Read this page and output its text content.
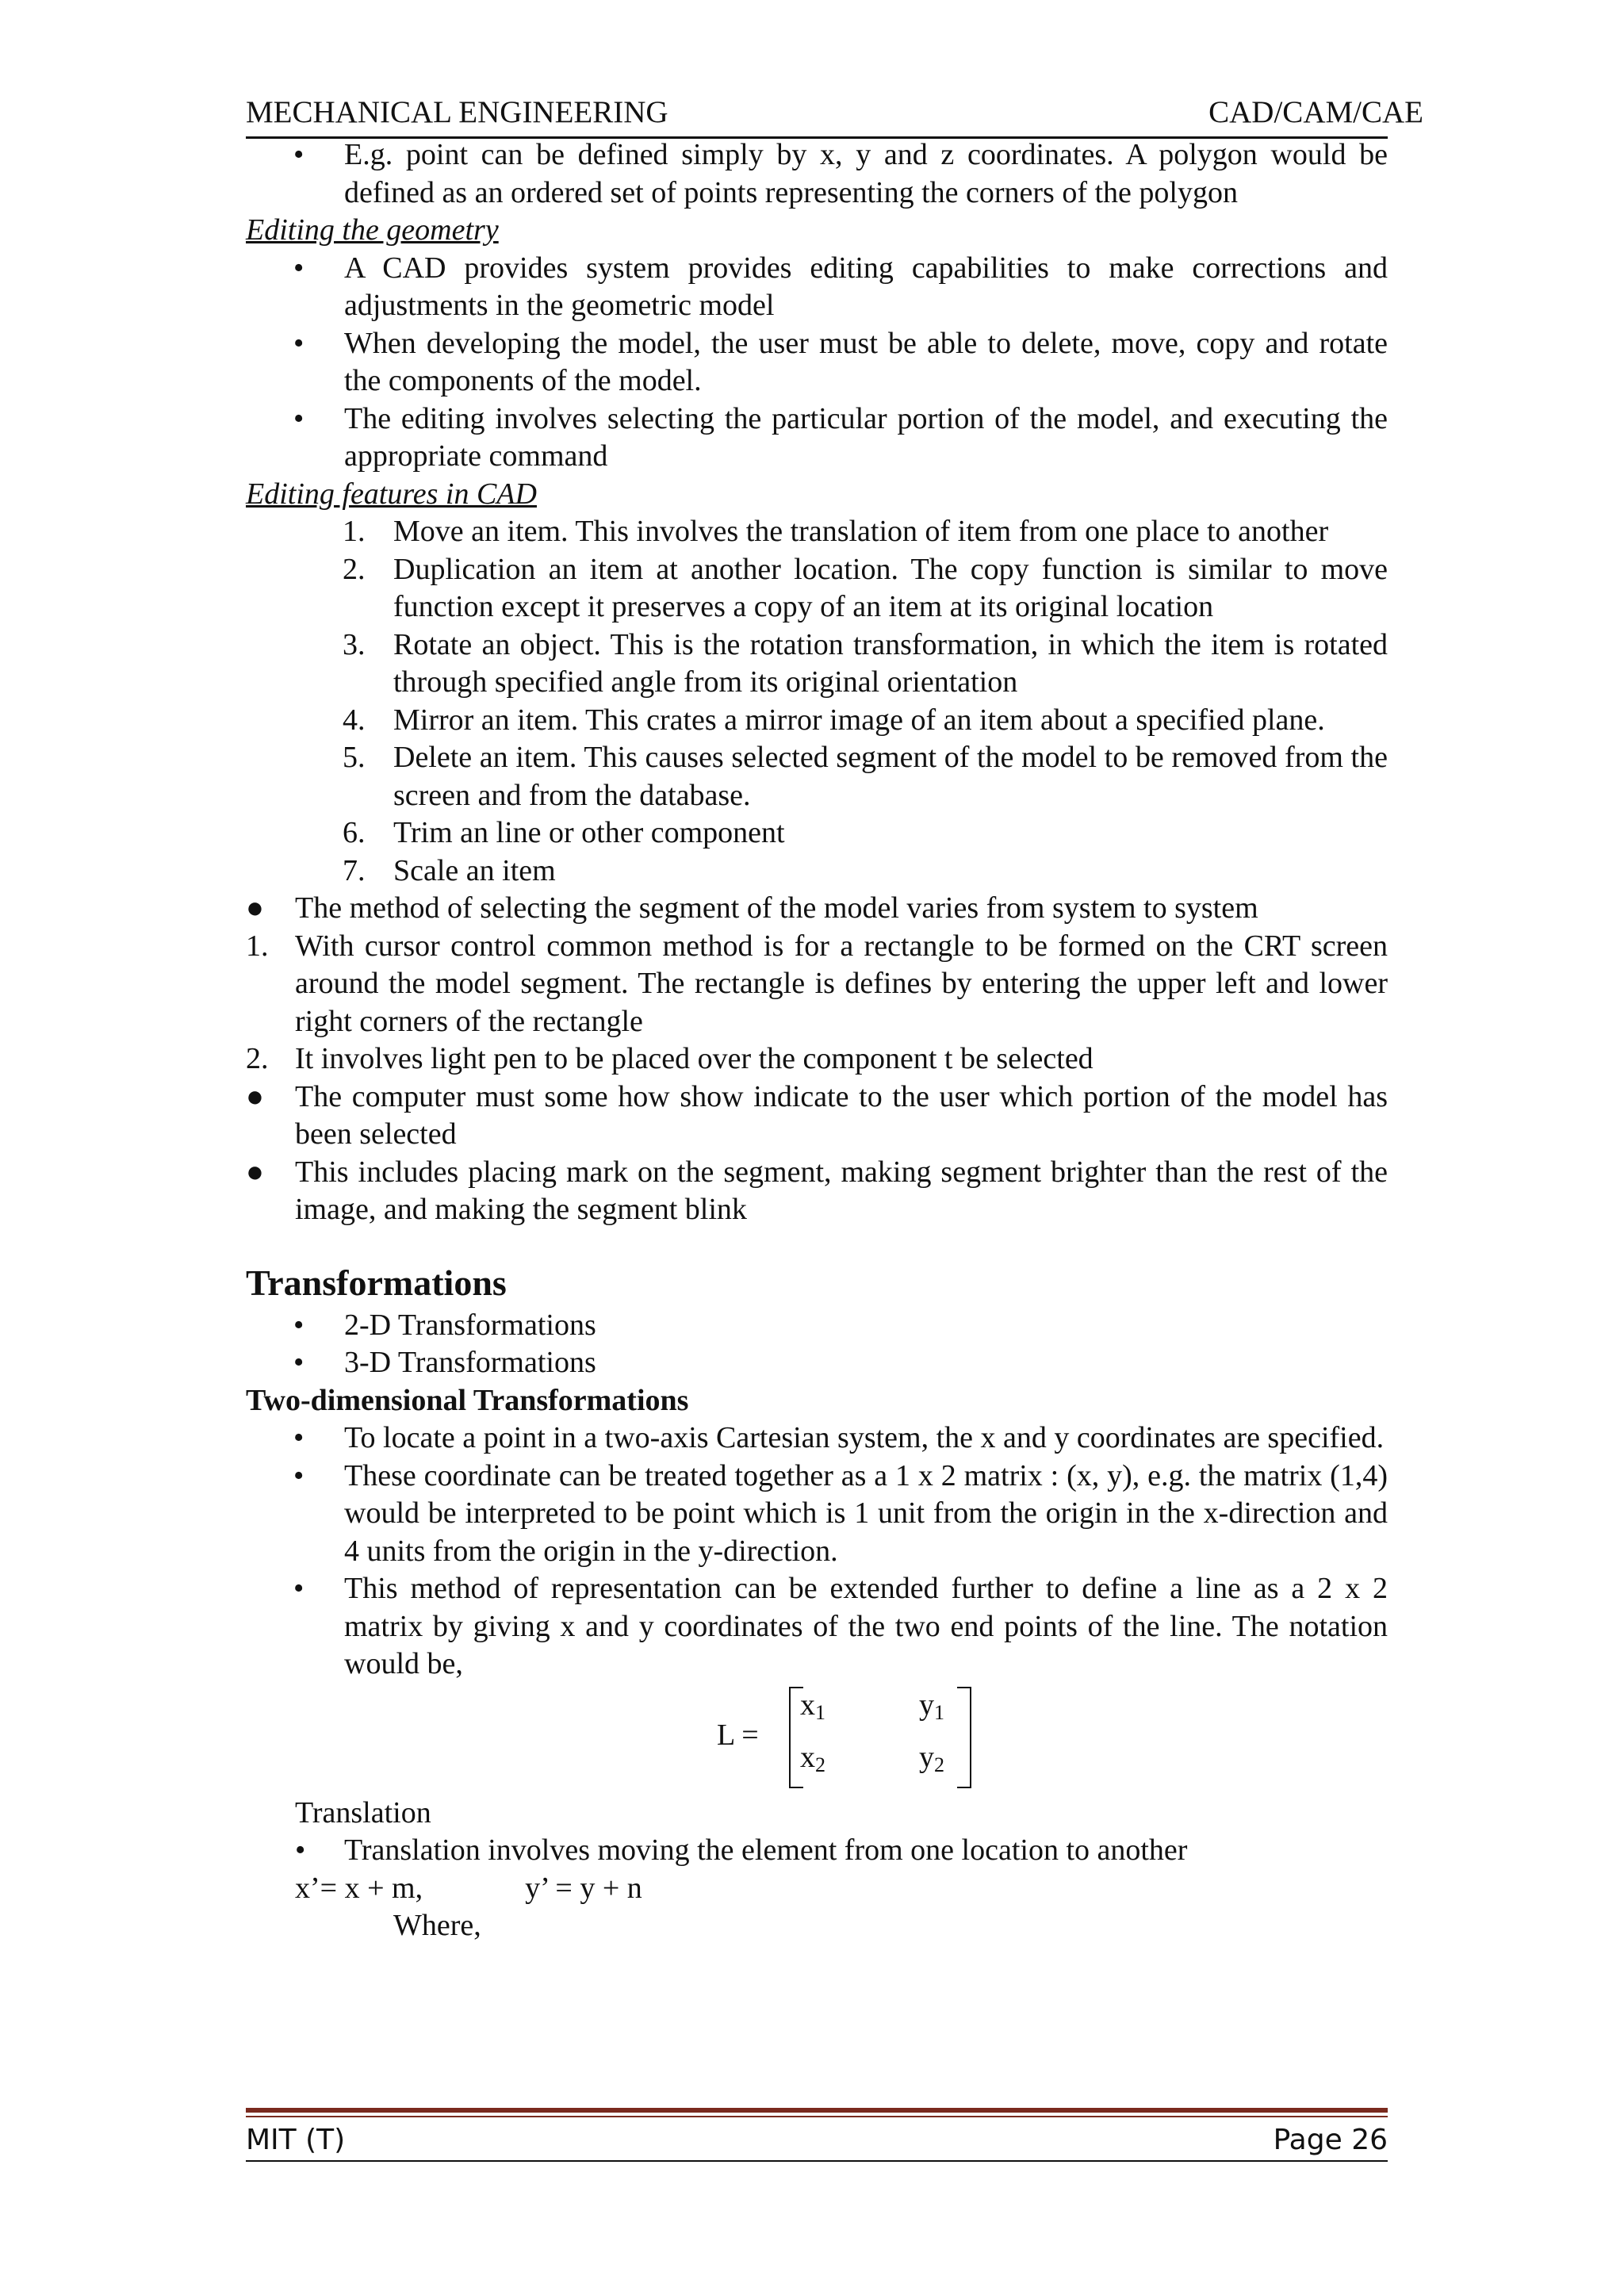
MECHANICAL ENGINEERING	CAD/CAM/CAE
• E.g. point can be defined simply by x, y and z coordinates. A polygon would be defined as an ordered set of points representing the corners of the polygon
Editing the geometry
• A CAD provides system provides editing capabilities to make corrections and adjustments in the geometric model
• When developing the model, the user must be able to delete, move, copy and rotate the components of the model.
• The editing involves selecting the particular portion of the model, and executing the appropriate command
Editing features in CAD
1. Move an item. This involves the translation of item from one place to another
2. Duplication an item at another location. The copy function is similar to move function except it preserves a copy of an item at its original location
3. Rotate an object. This is the rotation transformation, in which the item is rotated through specified angle from its original orientation
4. Mirror an item. This crates a mirror image of an item about a specified plane.
5. Delete an item. This causes selected segment of the model to be removed from the screen and from the database.
6. Trim an line or other component
7. Scale an item
● The method of selecting the segment of the model varies from system to system
1. With cursor control common method is for a rectangle to be formed on the CRT screen around the model segment. The rectangle is defines by entering the upper left and lower right corners of the rectangle
2. It involves light pen to be placed over the component t be selected
● The computer must some how show indicate to the user which portion of the model has been selected
● This includes placing mark on the segment, making segment brighter than the rest of the image, and making the segment blink
Transformations
• 2-D Transformations
• 3-D Transformations
Two-dimensional Transformations
• To locate a point in a two-axis Cartesian system, the x and y coordinates are specified.
• These coordinate can be treated together as a 1 x 2 matrix : (x, y), e.g. the matrix (1,4) would be interpreted to be point which is 1 unit from the origin in the x-direction and 4 units from the origin in the y-direction.
• This method of representation can be extended further to define a line as a 2 x 2 matrix by giving x and y coordinates of the two end points of the line. The notation would be,
L =
$x_1$	$y_1$
$x_2$	$y_2$
Translation
• Translation involves moving the element from one location to another
x’= x + m,	y’ = y + n
Where,
MIT (T)	Page 26
